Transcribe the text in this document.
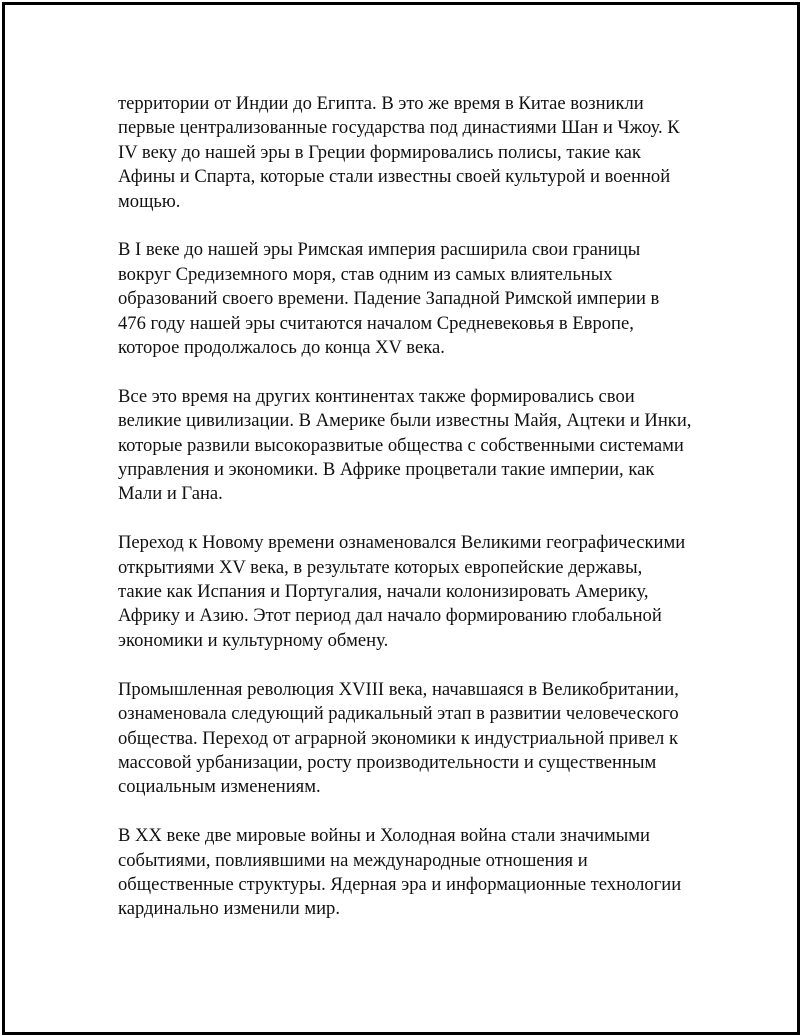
территории от Индии до Египта. В это же время в Китае возникли
первые централизованные государства под династиями Шан и Чжоу. К
IV веку до нашей эры в Греции формировались полисы, такие как
Афины и Спарта, которые стали известны своей культурой и военной
мощью.

В I веке до нашей эры Римская империя расширила свои границы
вокруг Средиземного моря, став одним из самых влиятельных
образований своего времени. Падение Западной Римской империи в
476 году нашей эры считаются началом Средневековья в Европе,
которое продолжалось до конца XV века.

Все это время на других континентах также формировались свои
великие цивилизации. В Америке были известны Майя, Ацтеки и Инки,
которые развили высокоразвитые общества с собственными системами
управления и экономики. В Африке процветали такие империи, как
Мали и Гана.

Переход к Новому времени ознаменовался Великими географическими
открытиями XV века, в результате которых европейские державы,
такие как Испания и Португалия, начали колонизировать Америку,
Африку и Азию. Этот период дал начало формированию глобальной
экономики и культурному обмену.

Промышленная революция XVIII века, начавшаяся в Великобритании,
ознаменовала следующий радикальный этап в развитии человеческого
общества. Переход от аграрной экономики к индустриальной привел к
массовой урбанизации, росту производительности и существенным
социальным изменениям.

В XX веке две мировые войны и Холодная война стали значимыми
событиями, повлиявшими на международные отношения и
общественные структуры. Ядерная эра и информационные технологии
кардинально изменили мир.
